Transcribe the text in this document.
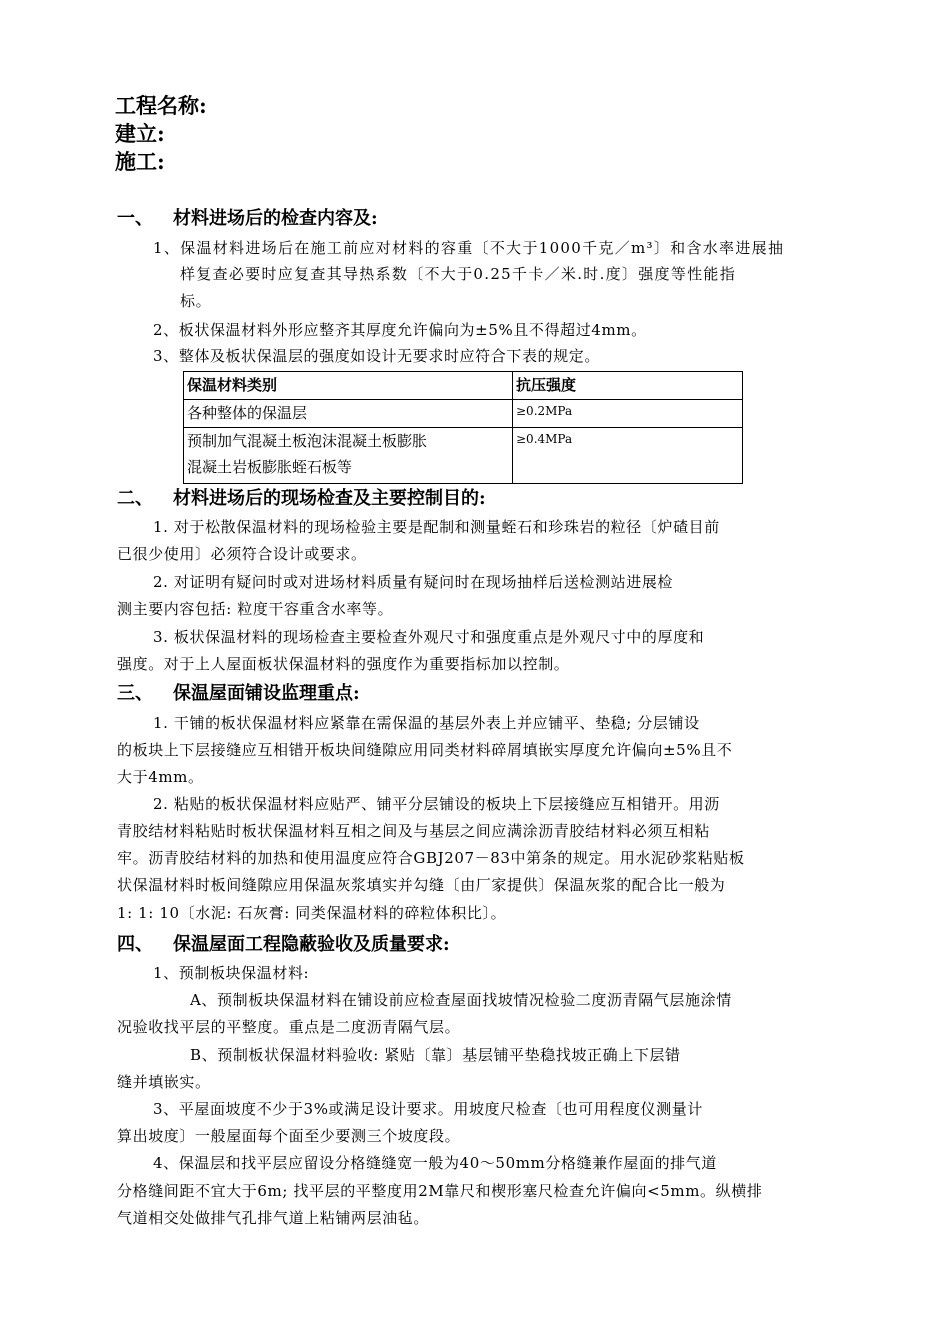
工程名称:
建立:
施工:
一、 材料进场后的检查内容及:
1、保温材料进场后在施工前应对材料的容重〔不大于1000千克／m³〕和含水率进展抽
样复查必要时应复查其导热系数〔不大于0.25千卡／米.时.度〕强度等性能指
标。
2、板状保温材料外形应整齐其厚度允许偏向为±5%且不得超过4mm。
3、整体及板状保温层的强度如设计无要求时应符合下表的规定。
保温材料类别	抗压强度
各种整体的保温层	≥0.2MPa

预制加气混凝土板泡沫混凝土板膨胀
混凝土岩板膨胀蛭石板等	≥0.4MPa
二、 材料进场后的现场检查及主要控制目的:
1. 对于松散保温材料的现场检验主要是配制和测量蛭石和珍珠岩的粒径〔炉碴目前
已很少使用〕必须符合设计或要求。
2. 对证明有疑问时或对进场材料质量有疑问时在现场抽样后送检测站进展检
测主要内容包括: 粒度干容重含水率等。
3. 板状保温材料的现场检查主要检查外观尺寸和强度重点是外观尺寸中的厚度和
强度。对于上人屋面板状保温材料的强度作为重要指标加以控制。
三、 保温屋面铺设监理重点:
1. 干铺的板状保温材料应紧靠在需保温的基层外表上并应铺平、垫稳; 分层铺设
的板块上下层接缝应互相错开板块间缝隙应用同类材料碎屑填嵌实厚度允许偏向±5%且不
大于4mm。
2. 粘贴的板状保温材料应贴严、铺平分层铺设的板块上下层接缝应互相错开。用沥
青胶结材料粘贴时板状保温材料互相之间及与基层之间应满涂沥青胶结材料必须互相粘
牢。沥青胶结材料的加热和使用温度应符合GBJ207－83中第条的规定。用水泥砂浆粘贴板
状保温材料时板间缝隙应用保温灰浆填实并勾缝〔由厂家提供〕保温灰浆的配合比一般为
1: 1: 10〔水泥: 石灰膏: 同类保温材料的碎粒体积比〕。
四、 保温屋面工程隐蔽验收及质量要求:
1、预制板块保温材料:
A、预制板块保温材料在铺设前应检查屋面找坡情况检验二度沥青隔气层施涂情
况验收找平层的平整度。重点是二度沥青隔气层。
B、预制板状保温材料验收: 紧贴〔靠〕基层铺平垫稳找坡正确上下层错
缝并填嵌实。
3、平屋面坡度不少于3%或满足设计要求。用坡度尺检查〔也可用程度仪测量计
算出坡度〕一般屋面每个面至少要测三个坡度段。
4、保温层和找平层应留设分格缝缝宽一般为40～50mm分格缝兼作屋面的排气道
分格缝间距不宜大于6m; 找平层的平整度用2M靠尺和楔形塞尺检查允许偏向<5mm。纵横排
气道相交处做排气孔排气道上粘铺两层油毡。
